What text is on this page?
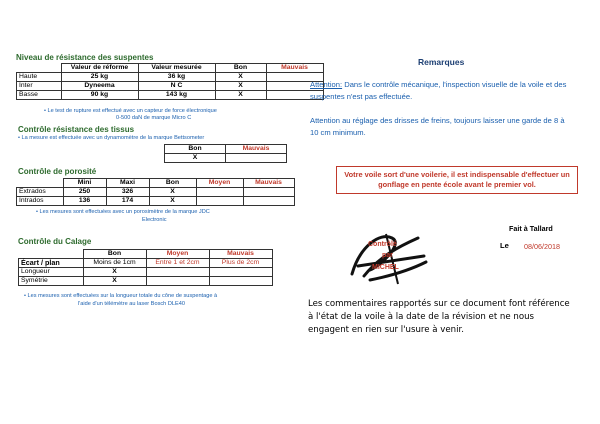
Niveau de résistance des suspentes
	Valeur de réforme	Valeur mesurée	Bon	Mauvais
Haute	25 kg	36 kg	X	
Inter	Dyneema	N C	X	
Basse	90 kg	143 kg	X	
• Le test de rupture est effectué avec un capteur de force électronique
0-500 daN de marque Micro C
Contrôle résistance des tissus
• La mesure est effectuée avec un dynamomètre de la marque Bettsometer
Bon	Mauvais
X	
Contrôle de porosité
	Mini	Maxi	Bon	Moyen	Mauvais
Extrados	250	326	X		
Intrados	136	174	X		
• Les mesures sont effectuées avec un porosimètre de la marque JDC
Electronic
Contrôle du Calage
	Bon	Moyen	Mauvais
Écart / plan	Moins de 1cm	Entre 1 et 2cm	Plus de 2cm
Longueur	X		
Symétrie	X		
• Les mesures sont effectuées sur la longueur totale du cône de suspentage à
l'aide d'un télémètre au laser Bosch DLE40
Remarques
Attention: Dans le contrôle mécanique, l'inspection visuelle de la voile et des suspentes n'est pas effectuée.
Attention au réglage des drisses de freins, toujours laisser une garde de 8 à 10 cm minimum.
Votre voile sort d'une voilerie, il est indispensable d'effectuer un gonflage en pente école avant le premier vol.
Fait à Tallard
Le 08/06/2018
Contrôlé
par
MICHEL
Les commentaires rapportés sur ce document font référence à l'état de la voile à la date de la révision et ne nous engagent en rien sur l'usure à venir.
